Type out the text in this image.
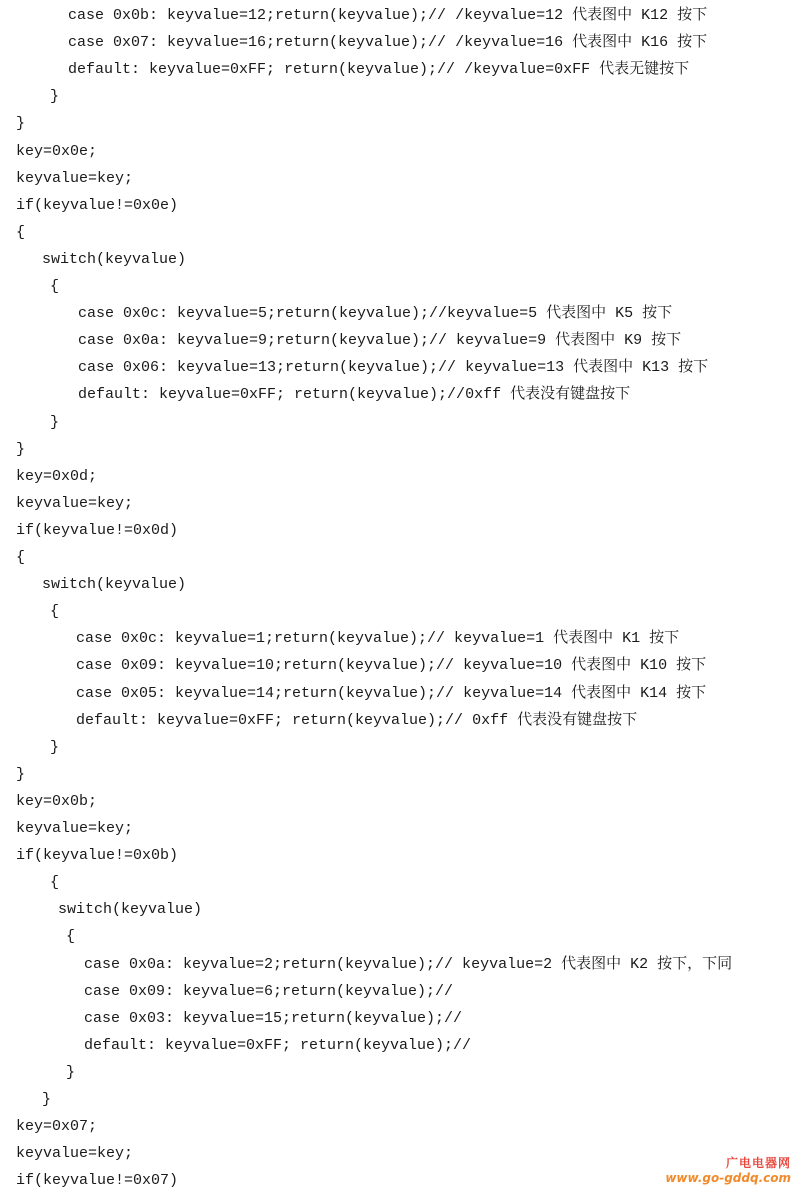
case 0x0b: keyvalue=12;return(keyvalue);// /keyvalue=12 代表图中 K12 按下
case 0x07: keyvalue=16;return(keyvalue);// /keyvalue=16 代表图中 K16 按下
default: keyvalue=0xFF; return(keyvalue);// /keyvalue=0xFF 代表无键按下
}
}
key=0x0e;
keyvalue=key;
if(keyvalue!=0x0e)
{
switch(keyvalue)
{
case 0x0c: keyvalue=5;return(keyvalue);//keyvalue=5 代表图中 K5 按下
case 0x0a: keyvalue=9;return(keyvalue);// keyvalue=9 代表图中 K9 按下
case 0x06: keyvalue=13;return(keyvalue);// keyvalue=13 代表图中 K13 按下
default: keyvalue=0xFF; return(keyvalue);//0xff 代表没有键盘按下
}
}
key=0x0d;
keyvalue=key;
if(keyvalue!=0x0d)
{
switch(keyvalue)
{
case 0x0c: keyvalue=1;return(keyvalue);// keyvalue=1 代表图中 K1 按下
case 0x09: keyvalue=10;return(keyvalue);// keyvalue=10 代表图中 K10 按下
case 0x05: keyvalue=14;return(keyvalue);// keyvalue=14 代表图中 K14 按下
default: keyvalue=0xFF; return(keyvalue);// 0xff 代表没有键盘按下
}
}
key=0x0b;
keyvalue=key;
if(keyvalue!=0x0b)
{
switch(keyvalue)
{
case 0x0a: keyvalue=2;return(keyvalue);// keyvalue=2 代表图中 K2 按下，下同
case 0x09: keyvalue=6;return(keyvalue);//
case 0x03: keyvalue=15;return(keyvalue);//
default: keyvalue=0xFF; return(keyvalue);//
}
}
key=0x07;
keyvalue=key;
if(keyvalue!=0x07)
广电电器网
www.go-gddq.com
